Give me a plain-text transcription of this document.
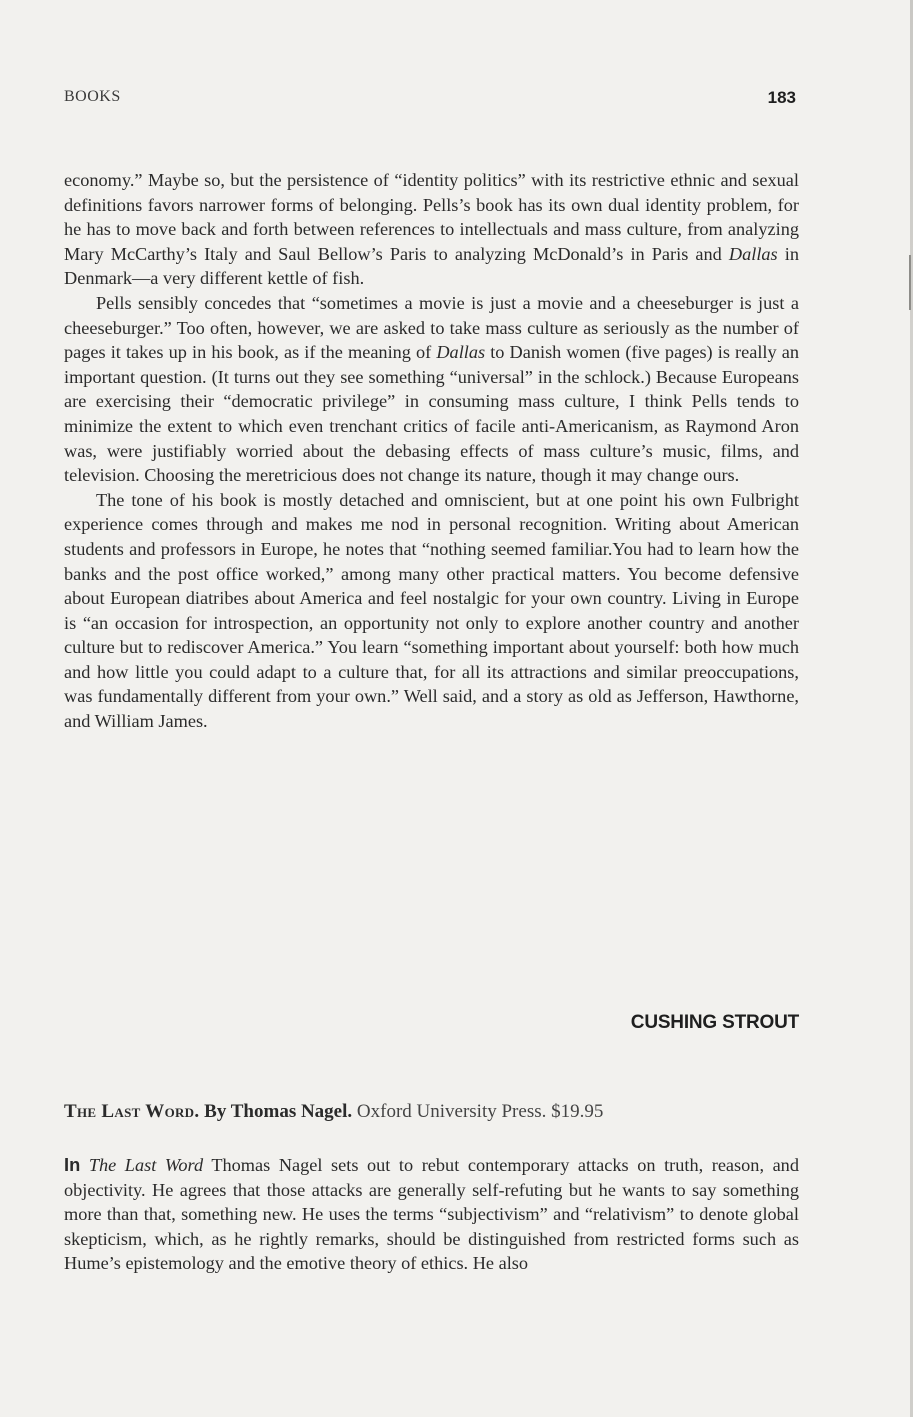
BOOKS	183

economy.” Maybe so, but the persistence of “identity politics” with its restrictive ethnic and sexual definitions favors narrower forms of belonging. Pells’s book has its own dual identity problem, for he has to move back and forth between references to intellectuals and mass culture, from analyzing Mary McCarthy’s Italy and Saul Bellow’s Paris to analyzing McDonald’s in Paris and Dallas in Denmark—a very different kettle of fish.

Pells sensibly concedes that “sometimes a movie is just a movie and a cheeseburger is just a cheeseburger.” Too often, however, we are asked to take mass culture as seriously as the number of pages it takes up in his book, as if the meaning of Dallas to Danish women (five pages) is really an important question. (It turns out they see something “universal” in the schlock.) Because Europeans are exercising their “democratic privilege” in consuming mass culture, I think Pells tends to minimize the extent to which even trenchant critics of facile anti-Americanism, as Raymond Aron was, were justifiably worried about the debasing effects of mass culture’s music, films, and television. Choosing the meretricious does not change its nature, though it may change ours.

The tone of his book is mostly detached and omniscient, but at one point his own Fulbright experience comes through and makes me nod in personal recognition. Writing about American students and professors in Europe, he notes that “nothing seemed familiar.You had to learn how the banks and the post office worked,” among many other practical matters. You become defensive about European diatribes about America and feel nostalgic for your own country. Living in Europe is “an occasion for introspection, an opportunity not only to explore another country and another culture but to rediscover America.” You learn “something important about yourself: both how much and how little you could adapt to a culture that, for all its attractions and similar preoccupations, was fundamentally different from your own.” Well said, and a story as old as Jefferson, Hawthorne, and William James.

CUSHING STROUT
The Last Word. By Thomas Nagel. Oxford University Press. $19.95

In The Last Word Thomas Nagel sets out to rebut contemporary attacks on truth, reason, and objectivity. He agrees that those attacks are generally self-refuting but he wants to say something more than that, something new. He uses the terms “subjectivism” and “relativism” to denote global skepticism, which, as he rightly remarks, should be distinguished from restricted forms such as Hume’s epistemology and the emotive theory of ethics. He also
